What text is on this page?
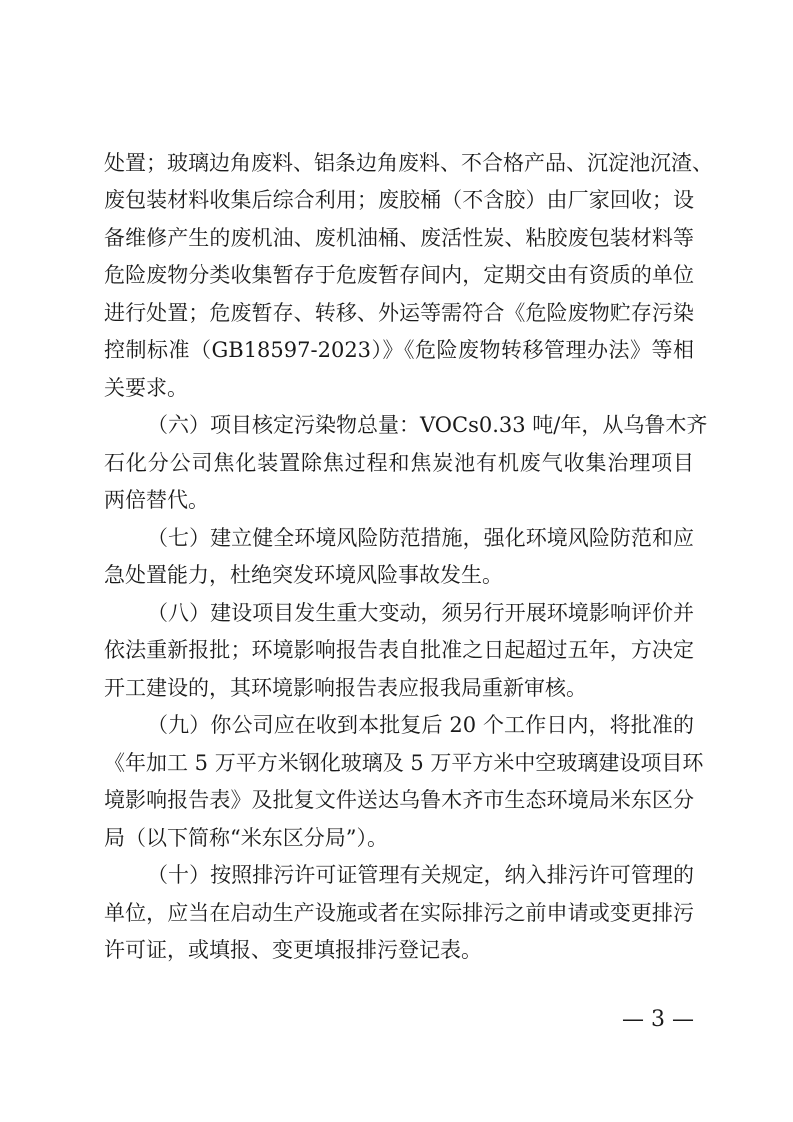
处置；玻璃边角废料、铝条边角废料、不合格产品、沉淀池沉渣、
废包装材料收集后综合利用；废胶桶（不含胶）由厂家回收；设
备维修产生的废机油、废机油桶、废活性炭、粘胶废包装材料等
危险废物分类收集暂存于危废暂存间内，定期交由有资质的单位
进行处置；危废暂存、转移、外运等需符合《危险废物贮存污染
控制标准（GB18597-2023）》《危险废物转移管理办法》等相
关要求。
（六）项目核定污染物总量：VOCs0.33 吨/年，从乌鲁木齐
石化分公司焦化装置除焦过程和焦炭池有机废气收集治理项目
两倍替代。
（七）建立健全环境风险防范措施，强化环境风险防范和应
急处置能力，杜绝突发环境风险事故发生。
（八）建设项目发生重大变动，须另行开展环境影响评价并
依法重新报批；环境影响报告表自批准之日起超过五年，方决定
开工建设的，其环境影响报告表应报我局重新审核。
（九）你公司应在收到本批复后 20 个工作日内，将批准的
《年加工 5 万平方米钢化玻璃及 5 万平方米中空玻璃建设项目环
境影响报告表》及批复文件送达乌鲁木齐市生态环境局米东区分
局（以下简称“米东区分局”）。
（十）按照排污许可证管理有关规定，纳入排污许可管理的
单位，应当在启动生产设施或者在实际排污之前申请或变更排污
许可证，或填报、变更填报排污登记表。
— 3 —
